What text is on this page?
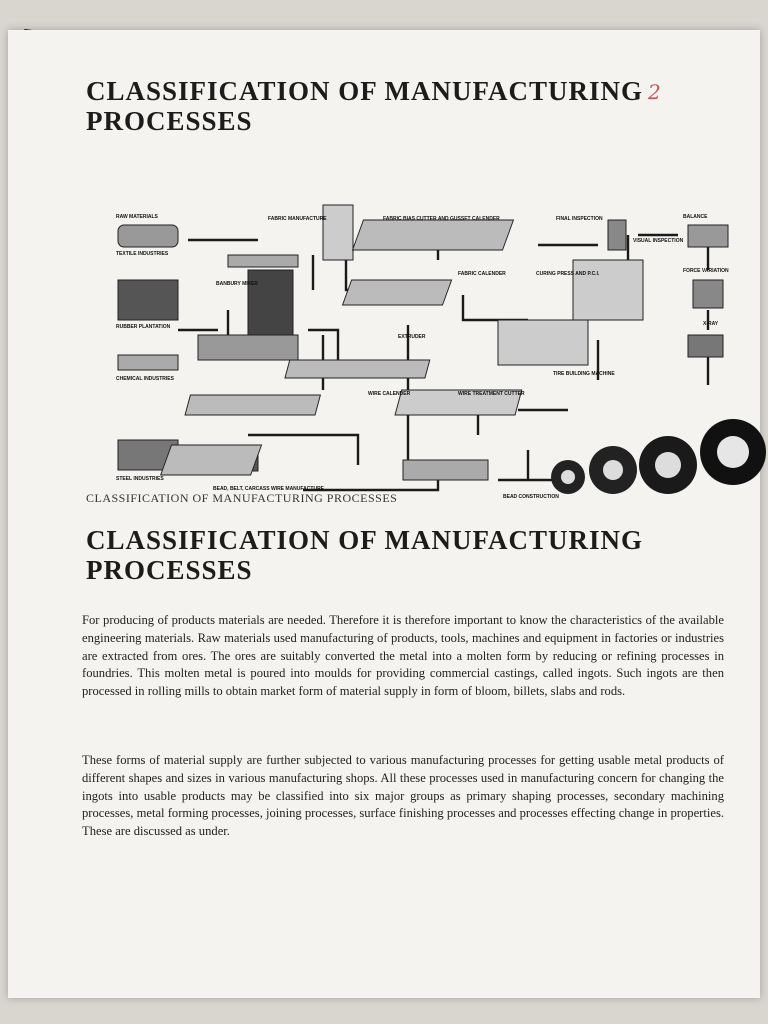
2
CLASSIFICATION OF MANUFACTURING PROCESSES
RAW MATERIALS
TEXTILE INDUSTRIES
FABRIC MANUFACTURE	FABRIC BIAS CUTTER AND GUSSET CALENDER	FINAL INSPECTION	BALANCE
VISUAL INSPECTION
BANBURY MIXER
FABRIC CALENDER	CURING PRESS AND P.C.I.	FORCE VARIATION
RUBBER PLANTATION
EXTRUDER
X-RAY
CHEMICAL INDUSTRIES
TIRE BUILDING MACHINE
WIRE CALENDER	WIRE TREATMENT CUTTER
STEEL INDUSTRIES
BEAD, BELT, CARCASS WIRE MANUFACTURE
BEAD CONSTRUCTION
CLASSIFICATION OF MANUFACTURING PROCESSES
CLASSIFICATION OF MANUFACTURING PROCESSES

For producing of products materials are needed. Therefore it is therefore important to know the characteristics of the available engineering materials. Raw materials used manufacturing of products, tools, machines and equipment in factories or industries are extracted from ores. The ores are suitably converted the metal into a molten form by reducing or refining processes in foundries. This molten metal is poured into moulds for providing commercial castings, called ingots. Such ingots are then processed in rolling mills to obtain market form of material supply in form of bloom, billets, slabs and rods.

These forms of material supply are further subjected to various manufacturing processes for getting usable metal products of different shapes and sizes in various manufacturing shops. All these processes used in manufacturing concern for changing the ingots into usable products may be classified into six major groups as primary shaping processes, secondary machining processes, metal forming processes, joining processes, surface finishing processes and processes effecting change in properties. These are discussed as under.
